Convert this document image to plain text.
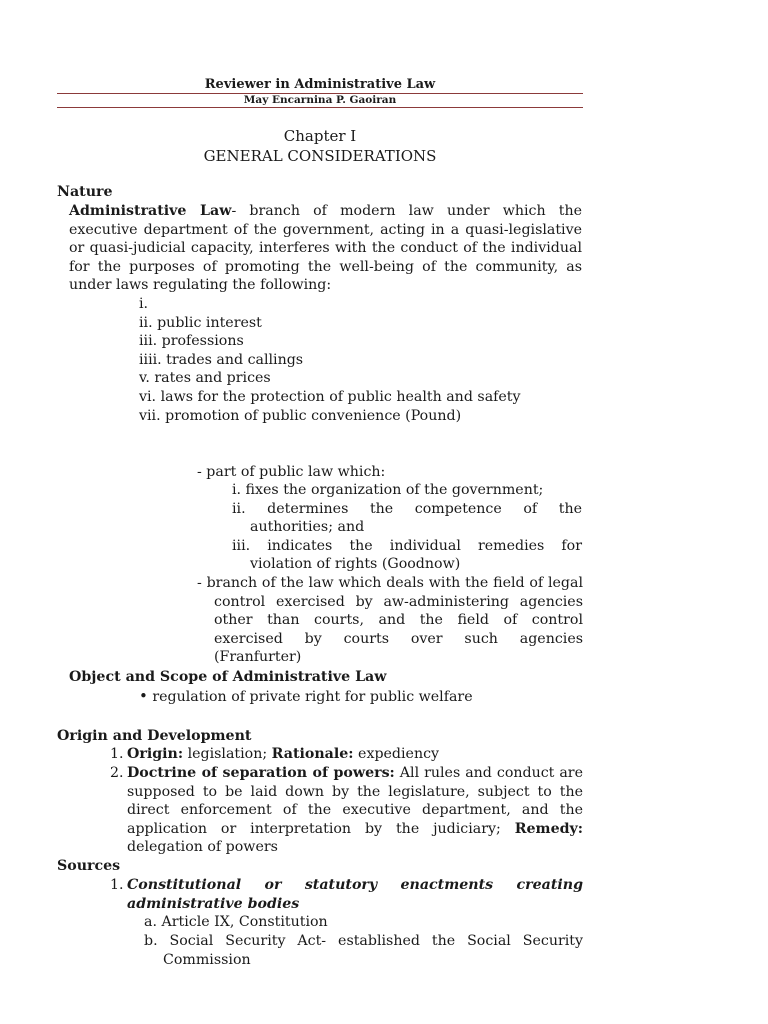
Reviewer in Administrative Law
May Encarnina P. Gaoiran
Chapter I
GENERAL CONSIDERATIONS
Nature
Administrative Law- branch of modern law under which the executive department of the government, acting in a quasi-legislative or quasi-judicial capacity, interferes with the conduct of the individual for the purposes of promoting the well-being of the community, as under laws regulating the following:
i.
ii. public interest
iii. professions
iiii. trades and callings
v. rates and prices
vi. laws for the protection of public health and safety
vii. promotion of public convenience (Pound)
- part of public law which:
i. fixes the organization of the government;
ii. determines the competence of the authorities; and
iii. indicates the individual remedies for violation of rights (Goodnow)
- branch of the law which deals with the field of legal control exercised by aw-administering agencies other than courts, and the field of control exercised by courts over such agencies (Franfurter)
Object and Scope of Administrative Law
• regulation of private right for public welfare
Origin and Development
1. Origin: legislation; Rationale: expediency
2. Doctrine of separation of powers: All rules and conduct are supposed to be laid down by the legislature, subject to the direct enforcement of the executive department, and the application or interpretation by the judiciary; Remedy: delegation of powers
Sources
1. Constitutional or statutory enactments creating administrative bodies
a. Article IX, Constitution
b. Social Security Act- established the Social Security Commission
